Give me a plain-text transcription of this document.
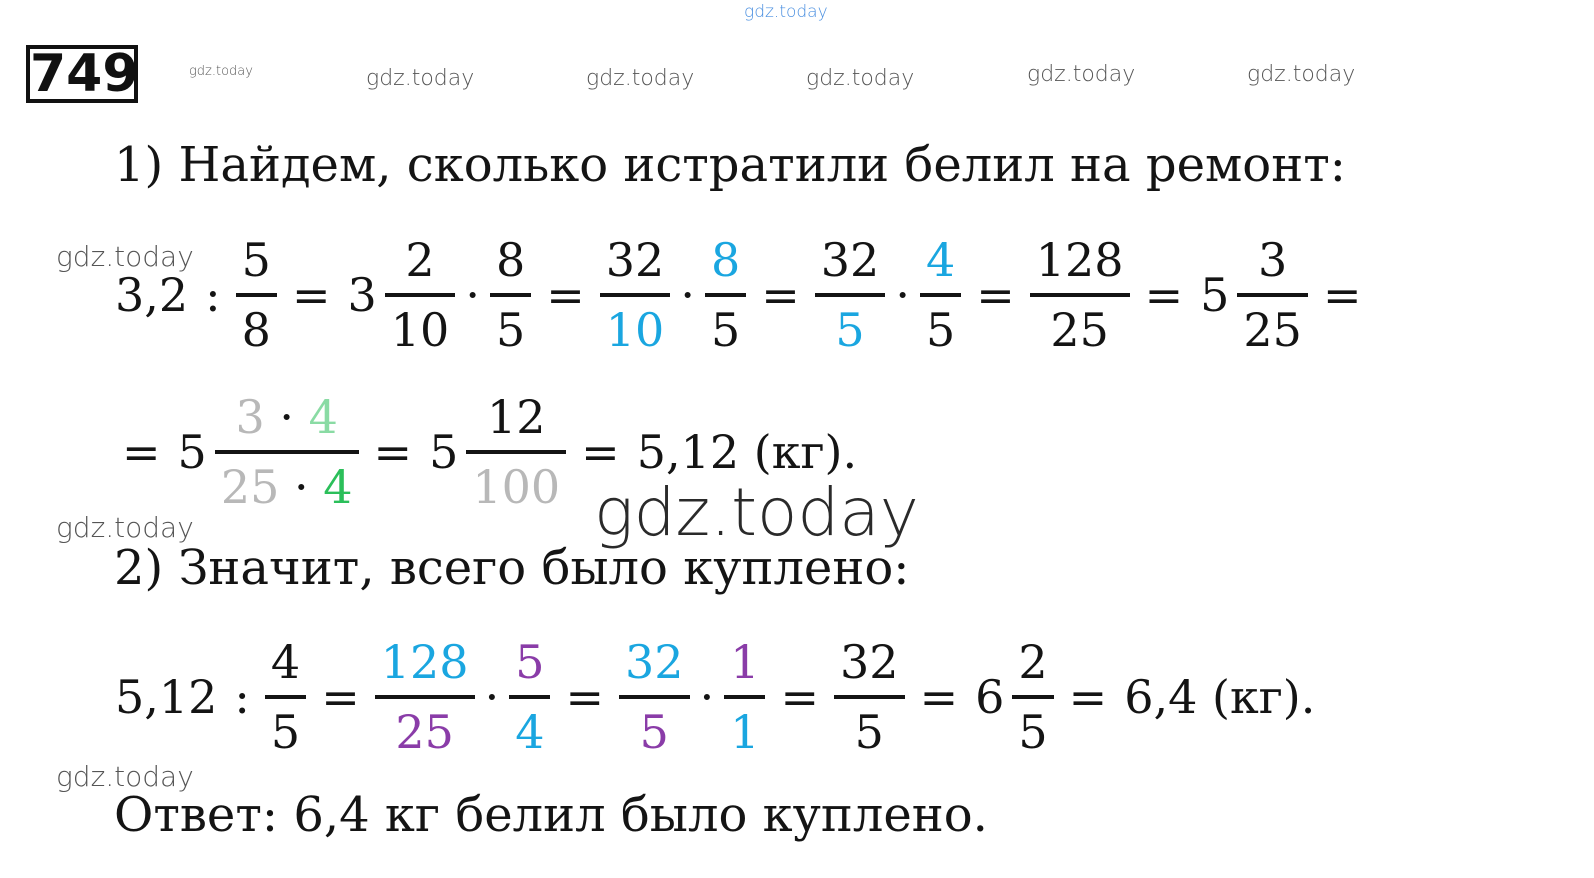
gdz.today
gdz.today	gdz.today	gdz.today	gdz.today	gdz.today	gdz.today
gdz.today
gdz.today
gdz.today
749
1) Найдем, сколько истратили белил на ремонт:
3,2 : $\frac{5}{8} = 3 \frac{2}{10} \cdot \frac{8}{5} = \frac{32}{10} \cdot \frac{8}{5} = \frac{32}{5} \cdot \frac{4}{5} = \frac{128}{25} = 5 \frac{3}{25}$ =
= $5 \frac{3 \cdot 4}{25 \cdot 4} = 5 \frac{12}{100} = 5,12$ (кг).
gdz.today
2) Значит, всего было куплено:
5,12 : $\frac{4}{5} = \frac{128}{25} \cdot \frac{5}{4} = \frac{32}{5} \cdot \frac{1}{1} = \frac{32}{5} = 6 \frac{2}{5} = 6,4$ (кг).
Ответ: 6,4 кг белил было куплено.
